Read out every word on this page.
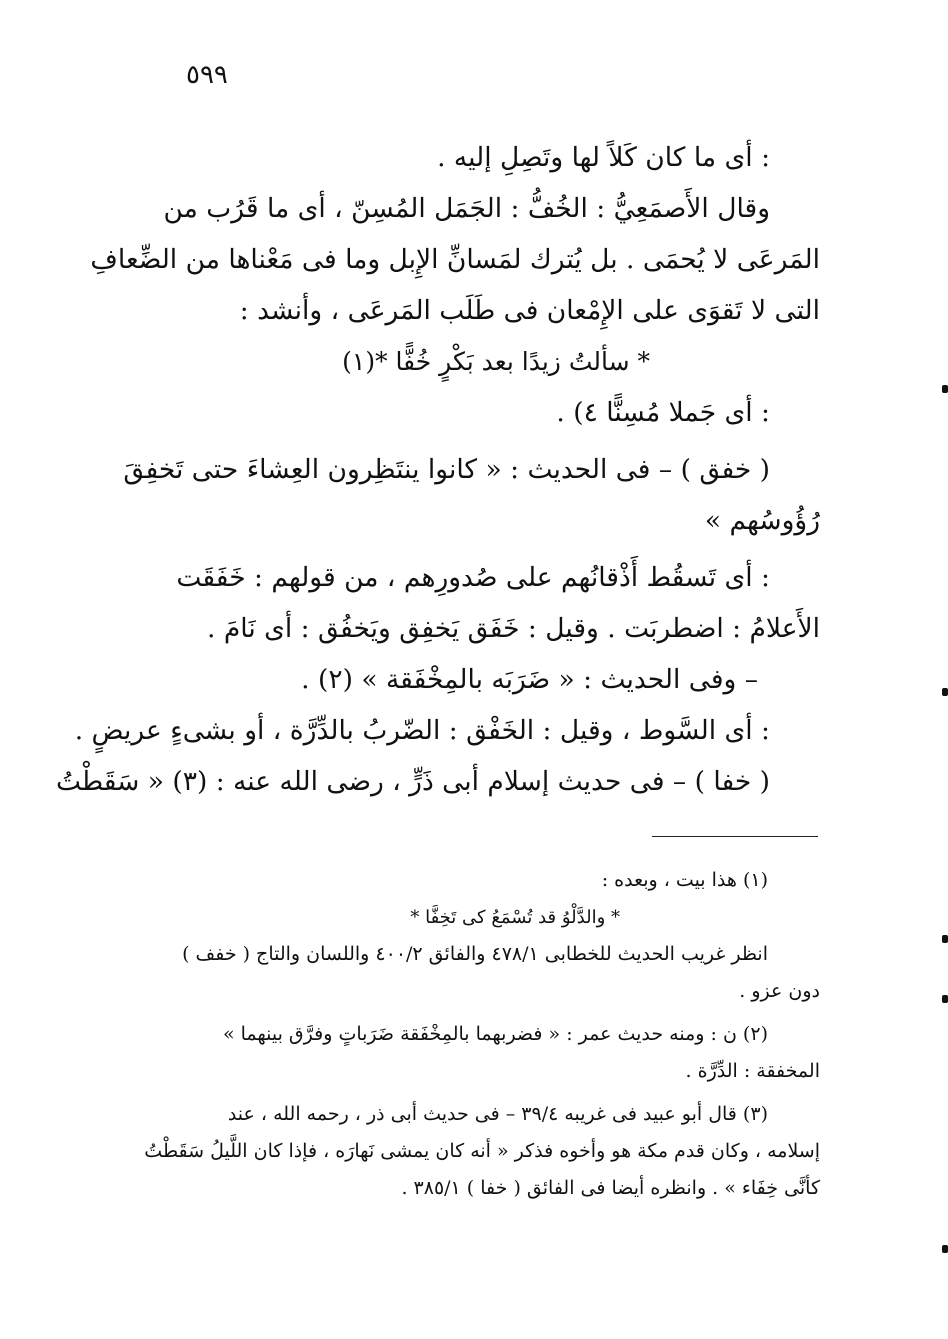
٥٩٩
: أى ما كان كَلاً لها وتَصِلِ إليه .
وقال الأَصمَعِيُّ : الخُفُّ : الجَمَل المُسِنّ ، أى ما قَرُب من
المَرعَى لا يُحمَى . بل يُترك لمَسانِّ الإِبل وما فى مَعْناها من الضِّعافِ
التى لا تَقوَى على الإِمْعان فى طَلَب المَرعَى ، وأنشد :
* سألتُ زيدًا بعد بَكْرٍ خُفًّا *(١)
: أى جَملا مُسِنًّا ٤) .
( خفق ) – فى الحديث : « كانوا ينتَظِرون العِشاءَ حتى تَخفِقَ
رُؤُوسُهم »
: أى تَسقُط أَذْقانُهم على صُدورِهم ، من قولهم : خَفَقَت
الأَعلامُ : اضطربَت . وقيل : خَفَق يَخفِق ويَخفُق : أى نَامَ .
– وفى الحديث : « ضَرَبَه بالمِخْفَقة » (٢) .
: أى السَّوط ، وقيل : الخَفْق : الضّربُ بالدِّرَّة ، أو بشىءٍ عريضٍ .
( خفا ) – فى حديث إسلام أبى ذَرٍّ ، رضى الله عنه : (٣) « سَقَطْتُ
(١) هذا بيت ، وبعده :
* والدَّلْوُ قد تُسْمَعُ كى تَخِفَّا *
انظر غريب الحديث للخطابى ٤٧٨/١ والفائق ٤٠٠/٢ واللسان والتاج ( خفف )
دون عزو .
(٢) ن : ومنه حديث عمر : « فضربهما بالمِخْفَقة ضَرَباتٍ وفرَّق بينهما »
المخفقة : الدِّرَّة .
(٣) قال أبو عبيد فى غريبه ٣٩/٤ – فى حديث أبى ذر ، رحمه الله ، عند
إسلامه ، وكان قدم مكة هو وأخوه فذكر « أنه كان يمشى نَهارَه ، فإذا كان اللَّيلُ سَقَطْتُ
كأنَّى خِفَاء » . وانظره أيضا فى الفائق ( خفا ) ٣٨٥/١ .
